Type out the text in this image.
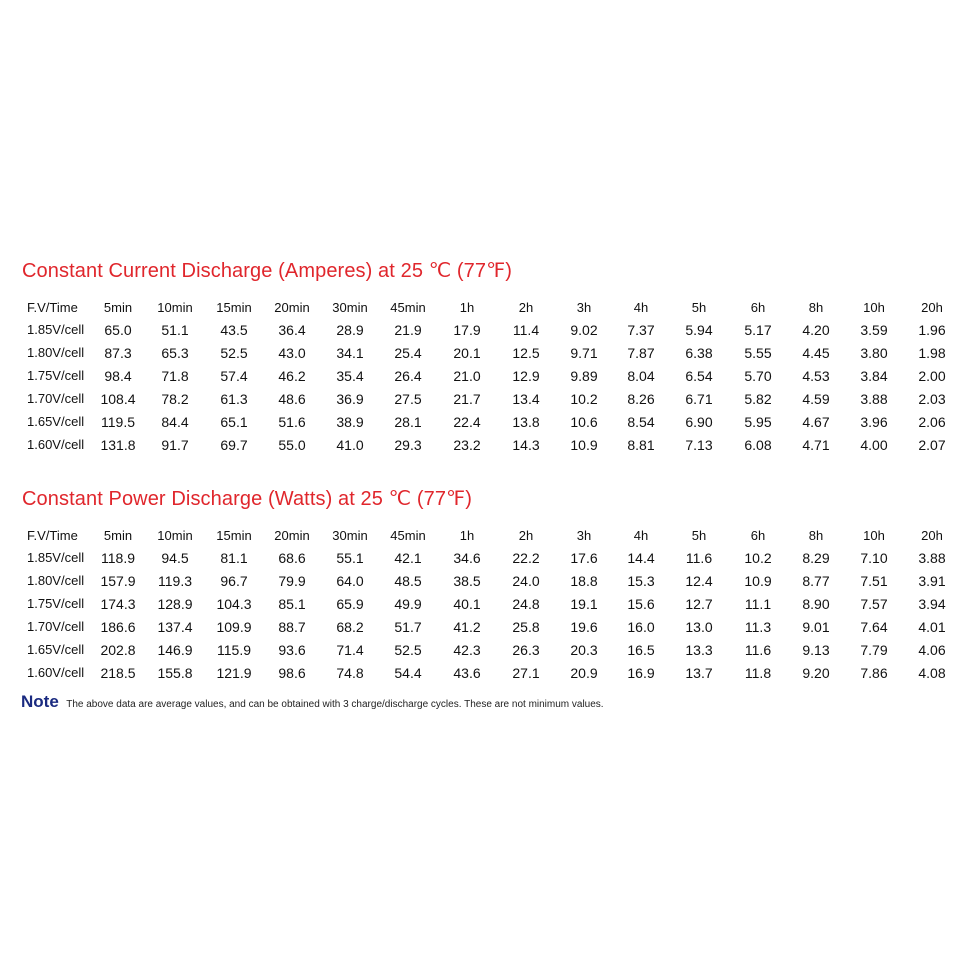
Constant Current Discharge (Amperes) at 25 ℃ (77℉)
F.V/Time 5min 10min 15min 20min 30min 45min	1h	2h	3h	4h	5h	6h	8h	10h	20h
1.85V/cell 65.0 51.1 43.5 36.4 28.9 21.9 17.9 11.4 9.02 7.37 5.94 5.17 4.20 3.59 1.96
1.80V/cell 87.3 65.3 52.5 43.0 34.1 25.4 20.1 12.5 9.71 7.87 6.38 5.55 4.45 3.80 1.98
1.75V/cell 98.4 71.8 57.4 46.2 35.4 26.4 21.0 12.9 9.89 8.04 6.54 5.70 4.53 3.84 2.00
1.70V/cell 108.4 78.2 61.3 48.6 36.9 27.5 21.7 13.4 10.2 8.26 6.71 5.82 4.59 3.88 2.03
1.65V/cell 119.5 84.4 65.1 51.6 38.9 28.1 22.4 13.8 10.6 8.54 6.90 5.95 4.67 3.96 2.06
1.60V/cell 131.8 91.7 69.7 55.0 41.0 29.3 23.2 14.3 10.9 8.81 7.13 6.08 4.71 4.00 2.07
Constant Power Discharge (Watts) at 25 ℃ (77℉)
F.V/Time 5min 10min 15min 20min 30min 45min	1h	2h	3h	4h	5h	6h	8h	10h	20h
1.85V/cell 118.9 94.5 81.1 68.6 55.1 42.1 34.6 22.2 17.6 14.4 11.6 10.2 8.29 7.10 3.88
1.80V/cell 157.9 119.3 96.7 79.9 64.0 48.5 38.5 24.0 18.8 15.3 12.4 10.9 8.77 7.51 3.91
1.75V/cell 174.3 128.9 104.3 85.1 65.9 49.9 40.1 24.8 19.1 15.6 12.7 11.1 8.90 7.57 3.94
1.70V/cell 186.6 137.4 109.9 88.7 68.2 51.7 41.2 25.8 19.6 16.0 13.0 11.3 9.01 7.64 4.01
1.65V/cell 202.8 146.9 115.9 93.6 71.4 52.5 42.3 26.3 20.3 16.5 13.3 11.6 9.13 7.79 4.06
1.60V/cell 218.5 155.8 121.9 98.6 74.8 54.4 43.6 27.1 20.9 16.9 13.7 11.8 9.20 7.86 4.08
Note The above data are average values, and can be obtained with 3 charge/discharge cycles. These are not minimum values.
